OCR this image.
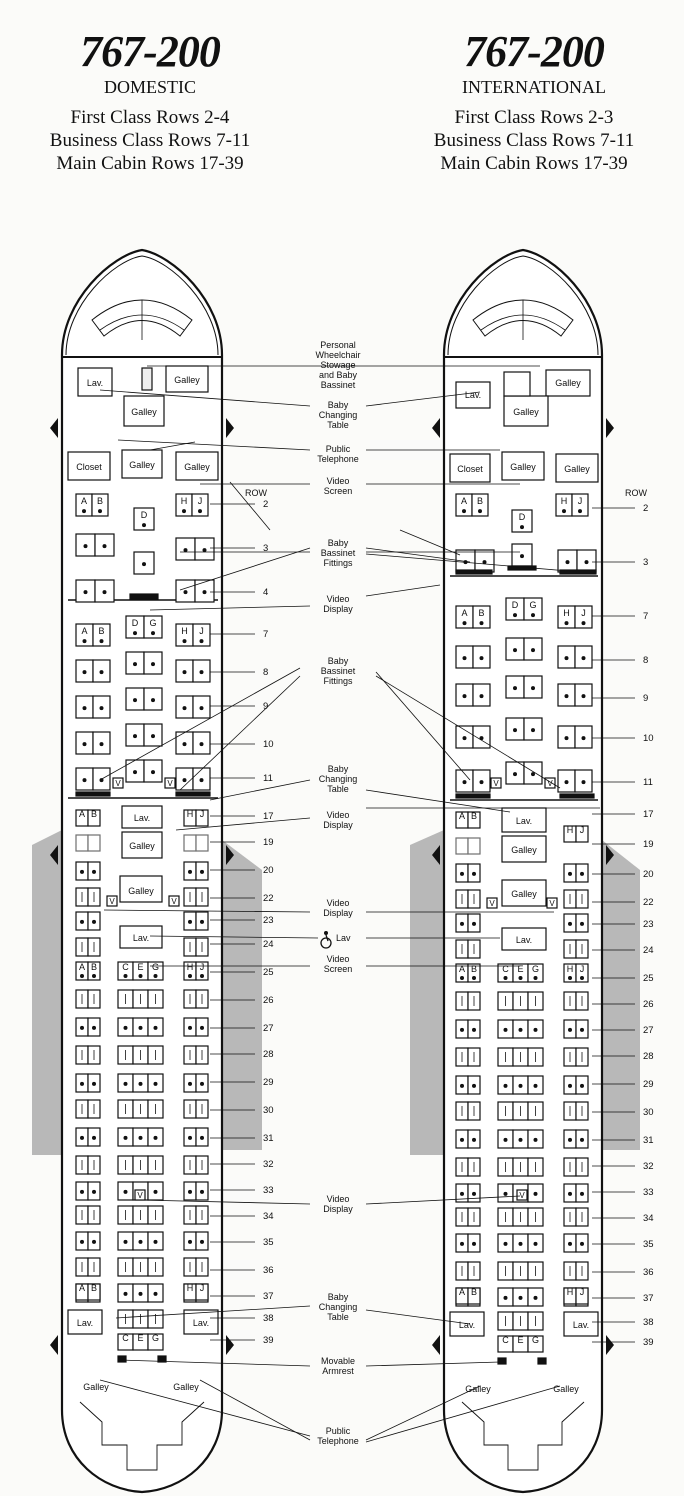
767-200
DOMESTIC
First Class Rows 2-4
Business Class Rows 7-11
Main Cabin Rows 17-39
767-200
INTERNATIONAL
First Class Rows 2-3
Business Class Rows 7-11
Main Cabin Rows 17-39
Lav.	Galley
Galley
Closet	Galley	Galley
A B
D
H J
A B
D G
H J
Lav.
Galley
A B	H J
Galley
Lav.
A B	C E G	H J
A B	H J
Lav.	Lav.
C E G
Galley	Galley
ROW
2
3
4
7
8
9
10
11
17
19
20
22
23
24
25
26
27
28
29
30
31
32
33
34
35
36
37
38
39
V	V
V	V
V
Lav.
Galley
Galley
Closet	Galley	Galley
A B
D
H J
A B
D G
H J
Lav.
Galley
A B
H J
Galley
Lav.
A B	C E G	H J
A B	H J
Lav.	Lav.
C E G
Galley	Galley
ROW
2
3
7
8
9
10
11
17
19
20
22
23
24
25
26
27
28
29
30
31
32
33
34
35
36
37
38
39
V	V
V	V
V
Personal
Wheelchair
Stowage
and Baby
Bassinet
Baby
Changing
Table
Public
Telephone
Video
Screen
Baby
Bassinet
Fittings
Video
Display
Baby
Bassinet
Fittings
Baby
Changing
Table
Video
Display
Video
Display
Lav
Video
Screen
Video
Display
Baby
Changing
Table
Movable
Armrest
Public
Telephone
